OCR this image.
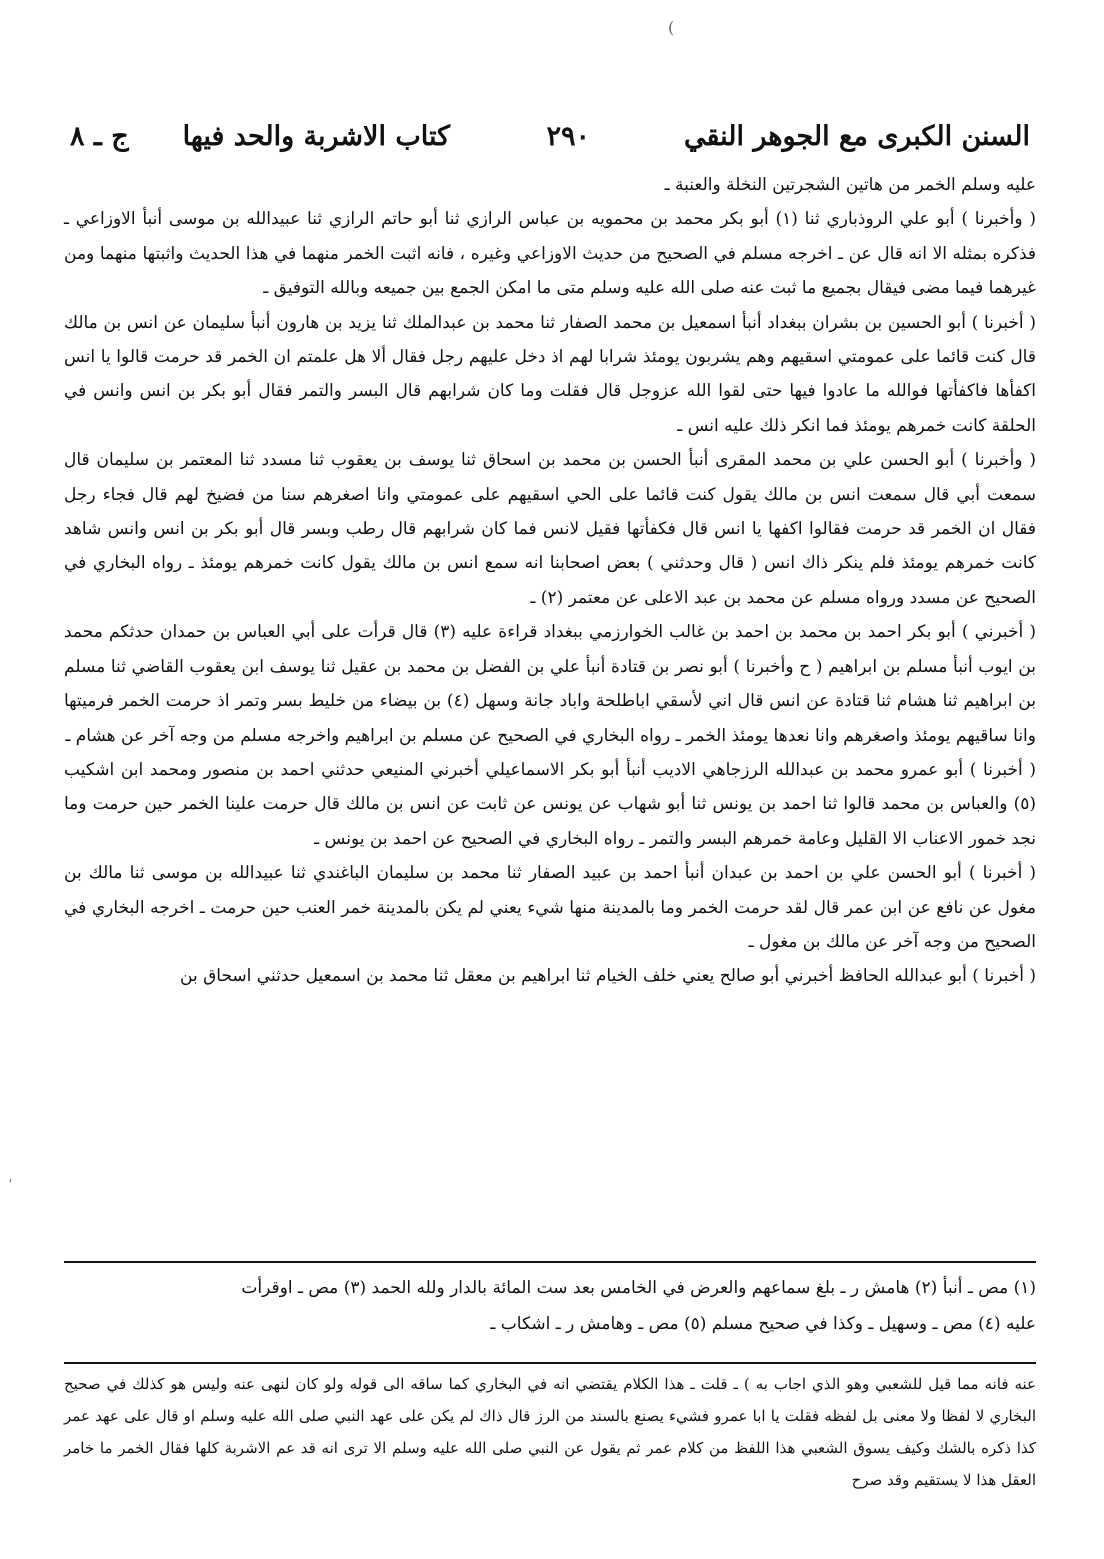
(
،
السنن الكبرى مع الجوهر النقي
٢٩٠
كتاب الاشربة والحد فيها
ج ـ ٨

عليه وسلم الخمر من هاتين الشجرتين النخلة والعنبة ـ

( وأخبرنا ) أبو علي الروذباري ثنا (١) أبو بكر محمد بن محمويه بن عباس الرازي ثنا أبو حاتم الرازي ثنا عبيدالله بن موسى أنبأ الاوزاعي ـ فذكره بمثله الا انه قال عن ـ اخرجه مسلم في الصحيح من حديث الاوزاعي وغيره ، فانه اثبت الخمر منهما في هذا الحديث واثبتها منهما ومن غيرهما فيما مضى فيقال بجميع ما ثبت عنه صلى الله عليه وسلم متى ما امكن الجمع بين جميعه وبالله التوفيق ـ

( أخبرنا ) أبو الحسين بن بشران ببغداد أنبأ اسمعيل بن محمد الصفار ثنا محمد بن عبدالملك ثنا يزيد بن هارون أنبأ سليمان عن انس بن مالك قال كنت قائما على عمومتي اسقيهم وهم يشربون يومئذ شرابا لهم اذ دخل عليهم رجل فقال ألا هل علمتم ان الخمر قد حرمت قالوا يا انس اكفأها فاكفأتها فوالله ما عادوا فيها حتى لقوا الله عزوجل قال فقلت وما كان شرابهم قال البسر والتمر فقال أبو بكر بن انس وانس في الحلقة كانت خمرهم يومئذ فما انكر ذلك عليه انس ـ

( وأخبرنا ) أبو الحسن علي بن محمد المقرى أنبأ الحسن بن محمد بن اسحاق ثنا يوسف بن يعقوب ثنا مسدد ثنا المعتمر بن سليمان قال سمعت أبي قال سمعت انس بن مالك يقول كنت قائما على الحي اسقيهم على عمومتي وانا اصغرهم سنا من فضيخ لهم قال فجاء رجل فقال ان الخمر قد حرمت فقالوا اكفها يا انس قال فكفأتها فقيل لانس فما كان شرابهم قال رطب وبسر قال أبو بكر بن انس وانس شاهد كانت خمرهم يومئذ فلم ينكر ذاك انس ( قال وحدثني ) بعض اصحابنا انه سمع انس بن مالك يقول كانت خمرهم يومئذ ـ رواه البخاري في الصحيح عن مسدد ورواه مسلم عن محمد بن عبد الاعلى عن معتمر (٢) ـ

( أخبرني ) أبو بكر احمد بن محمد بن احمد بن غالب الخوارزمي ببغداد قراءة عليه (٣) قال قرأت على أبي العباس بن حمدان حدثكم محمد بن ايوب أنبأ مسلم بن ابراهيم ( ح وأخبرنا ) أبو نصر بن قتادة أنبأ علي بن الفضل بن محمد بن عقيل ثنا يوسف ابن يعقوب القاضي ثنا مسلم بن ابراهيم ثنا هشام ثنا قتادة عن انس قال اني لأسقي اباطلحة واباد جانة وسهل (٤) بن بيضاء من خليط بسر وتمر اذ حرمت الخمر فرميتها وانا ساقيهم يومئذ واصغرهم وانا نعدها يومئذ الخمر ـ رواه البخاري في الصحيح عن مسلم بن ابراهيم واخرجه مسلم من وجه آخر عن هشام ـ

( أخبرنا ) أبو عمرو محمد بن عبدالله الرزجاهي الاديب أنبأ أبو بكر الاسماعيلي أخبرني المنيعي حدثني احمد بن منصور ومحمد ابن اشكيب (٥) والعباس بن محمد قالوا ثنا احمد بن يونس ثنا أبو شهاب عن يونس عن ثابت عن انس بن مالك قال حرمت علينا الخمر حين حرمت وما نجد خمور الاعناب الا القليل وعامة خمرهم البسر والتمر ـ رواه البخاري في الصحيح عن احمد بن يونس ـ

( أخبرنا ) أبو الحسن علي بن احمد بن عبدان أنبأ احمد بن عبيد الصفار ثنا محمد بن سليمان الباغندي ثنا عبيدالله بن موسى ثنا مالك بن مغول عن نافع عن ابن عمر قال لقد حرمت الخمر وما بالمدينة منها شيء يعني لم يكن بالمدينة خمر العنب حين حرمت ـ اخرجه البخاري في الصحيح من وجه آخر عن مالك بن مغول ـ

( أخبرنا ) أبو عبدالله الحافظ أخبرني أبو صالح يعني خلف الخيام ثنا ابراهيم بن معقل ثنا محمد بن اسمعيل حدثني اسحاق بن

(١) مص ـ أنبأ (٢) هامش ر ـ بلغ سماعهم والعرض في الخامس بعد ست المائة بالدار ولله الحمد (٣) مص ـ اوقرأت

عليه (٤) مص ـ وسهيل ـ وكذا في صحيح مسلم (٥) مص ـ وهامش ر ـ اشكاب ـ

عنه فانه مما قيل للشعبي وهو الذي اجاب به ) ـ قلت ـ هذا الكلام يقتضي انه في البخاري كما ساقه الى قوله ولو كان لنهى عنه وليس هو كذلك في صحيح البخاري لا لفظا ولا معنى بل لفظه فقلت يا ابا عمرو فشيء يصنع بالسند من الرز قال ذاك لم يكن على عهد النبي صلى الله عليه وسلم او قال على عهد عمر كذا ذكره بالشك وكيف يسوق الشعبي هذا اللفظ من كلام عمر ثم يقول عن النبي صلى الله عليه وسلم الا ترى انه قد عم الاشربة كلها فقال الخمر ما خامر العقل هذا لا يستقيم وقد صرح
